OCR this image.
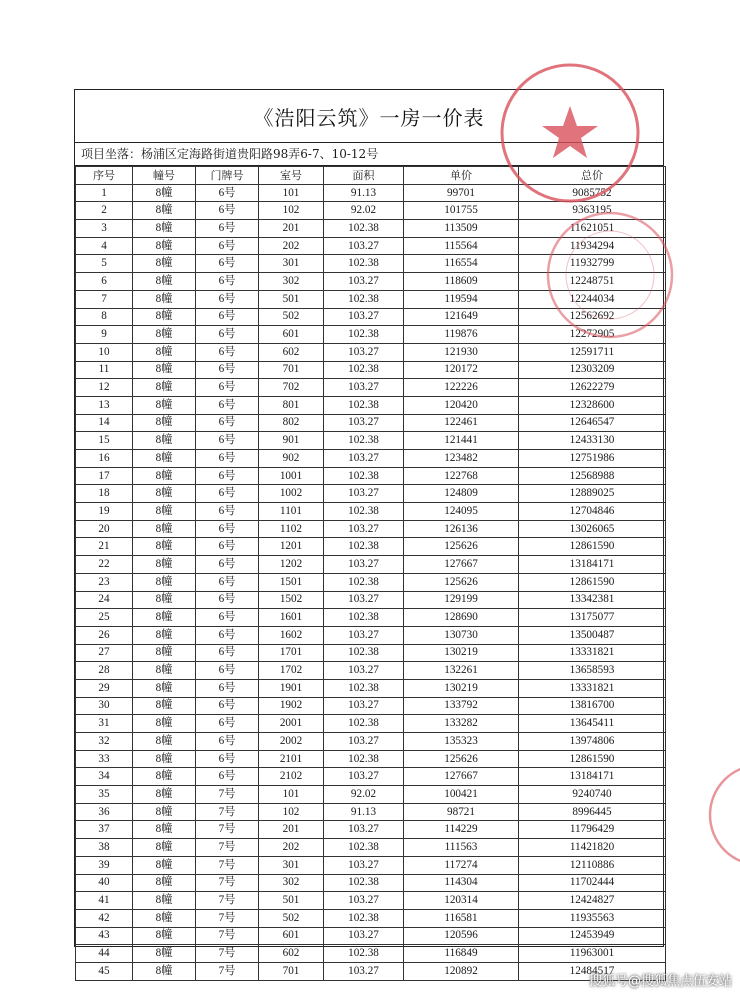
《浩阳云筑》一房一价表
项目坐落：杨浦区定海路街道贵阳路98弄6-7、10-12号
序号	幢号	门牌号	室号	面积	单价	总价
1	8幢	6号	101	91.13	99701	9085752
2	8幢	6号	102	92.02	101755	9363195
3	8幢	6号	201	102.38	113509	11621051
4	8幢	6号	202	103.27	115564	11934294
5	8幢	6号	301	102.38	116554	11932799
6	8幢	6号	302	103.27	118609	12248751
7	8幢	6号	501	102.38	119594	12244034
8	8幢	6号	502	103.27	121649	12562692
9	8幢	6号	601	102.38	119876	12272905
10	8幢	6号	602	103.27	121930	12591711
11	8幢	6号	701	102.38	120172	12303209
12	8幢	6号	702	103.27	122226	12622279
13	8幢	6号	801	102.38	120420	12328600
14	8幢	6号	802	103.27	122461	12646547
15	8幢	6号	901	102.38	121441	12433130
16	8幢	6号	902	103.27	123482	12751986
17	8幢	6号	1001	102.38	122768	12568988
18	8幢	6号	1002	103.27	124809	12889025
19	8幢	6号	1101	102.38	124095	12704846
20	8幢	6号	1102	103.27	126136	13026065
21	8幢	6号	1201	102.38	125626	12861590
22	8幢	6号	1202	103.27	127667	13184171
23	8幢	6号	1501	102.38	125626	12861590
24	8幢	6号	1502	103.27	129199	13342381
25	8幢	6号	1601	102.38	128690	13175077
26	8幢	6号	1602	103.27	130730	13500487
27	8幢	6号	1701	102.38	130219	13331821
28	8幢	6号	1702	103.27	132261	13658593
29	8幢	6号	1901	102.38	130219	13331821
30	8幢	6号	1902	103.27	133792	13816700
31	8幢	6号	2001	102.38	133282	13645411
32	8幢	6号	2002	103.27	135323	13974806
33	8幢	6号	2101	102.38	125626	12861590
34	8幢	6号	2102	103.27	127667	13184171
35	8幢	7号	101	92.02	100421	9240740
36	8幢	7号	102	91.13	98721	8996445
37	8幢	7号	201	103.27	114229	11796429
38	8幢	7号	202	102.38	111563	11421820
39	8幢	7号	301	103.27	117274	12110886
40	8幢	7号	302	102.38	114304	11702444
41	8幢	7号	501	103.27	120314	12424827
42	8幢	7号	502	102.38	116581	11935563
43	8幢	7号	601	103.27	120596	12453949
44	8幢	7号	602	102.38	116849	11963001
45	8幢	7号	701	103.27	120892	12484517
搜狐号@搜狐焦点伍安站
